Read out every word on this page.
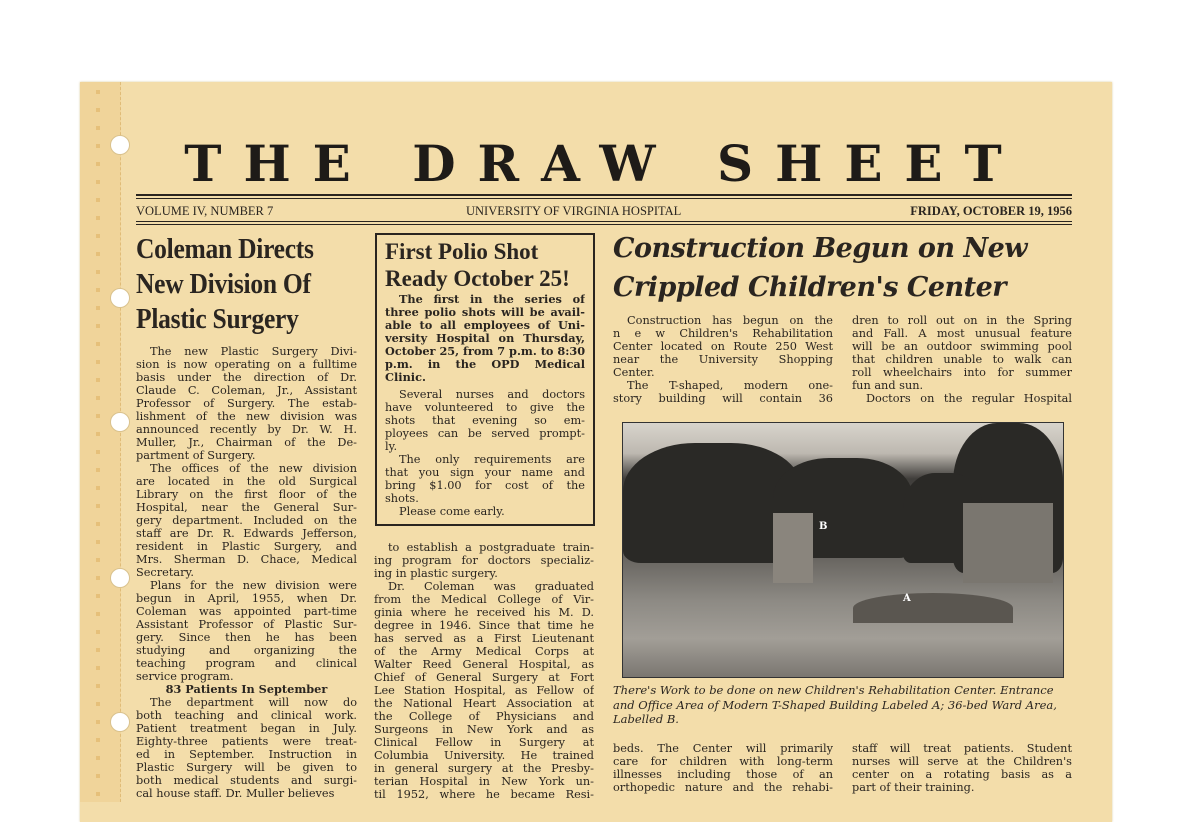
THE DRAW SHEET
VOLUME IV, NUMBER 7	UNIVERSITY OF VIRGINIA HOSPITAL	FRIDAY, OCTOBER 19, 1956
Coleman Directs
New Division Of
Plastic Surgery
The new Plastic Surgery Divi-
sion is now operating on a fulltime
basis under the direction of Dr.
Claude C. Coleman, Jr., Assistant
Professor of Surgery. The estab-
lishment of the new division was
announced recently by Dr. W. H.
Muller, Jr., Chairman of the De-
partment of Surgery.
The offices of the new division
are located in the old Surgical
Library on the first floor of the
Hospital, near the General Sur-
gery department. Included on the
staff are Dr. R. Edwards Jefferson,
resident in Plastic Surgery, and
Mrs. Sherman D. Chace, Medical
Secretary.
Plans for the new division were
begun in April, 1955, when Dr.
Coleman was appointed part-time
Assistant Professor of Plastic Sur-
gery. Since then he has been
studying and organizing the
teaching program and clinical
service program.
83 Patients In September
The department will now do
both teaching and clinical work.
Patient treatment began in July.
Eighty-three patients were treat-
ed in September. Instruction in
Plastic Surgery will be given to
both medical students and surgi-
cal house staff. Dr. Muller believes
to establish a postgraduate train-
ing program for doctors specializ-
ing in plastic surgery.
Dr. Coleman was graduated
from the Medical College of Vir-
ginia where he received his M. D.
degree in 1946. Since that time he
has served as a First Lieutenant
of the Army Medical Corps at
Walter Reed General Hospital, as
Chief of General Surgery at Fort
Lee Station Hospital, as Fellow of
the National Heart Association at
the College of Physicians and
Surgeons in New York and as
Clinical Fellow in Surgery at
Columbia University. He trained
in general surgery at the Presby-
terian Hospital in New York un-
til 1952, where he became Resi-
First Polio Shot
Ready October 25!
The first in the series of
three polio shots will be avail-
able to all employees of Uni-
versity Hospital on Thursday,
October 25, from 7 p.m. to 8:30
p.m. in the OPD Medical
Clinic.
Several nurses and doctors
have volunteered to give the
shots that evening so em-
ployees can be served prompt-
ly.
The only requirements are
that you sign your name and
bring $1.00 for cost of the
shots.
Please come early.
Construction Begun on New
Crippled Children's Center
Construction has begun on the
n e w Children's Rehabilitation
Center located on Route 250 West
near the University Shopping
Center.
The T-shaped, modern one-
story building will contain 36
dren to roll out on in the Spring
and Fall. A most unusual feature
will be an outdoor swimming pool
that children unable to walk can
roll wheelchairs into for summer
fun and sun.
Doctors on the regular Hospital
B
A
There's Work to be done on new Children's Rehabilitation Center. Entrance and Office Area of Modern T-Shaped Building Labeled A; 36-bed Ward Area, Labelled B.
beds. The Center will primarily
care for children with long-term
illnesses including those of an
orthopedic nature and the rehabi-
staff will treat patients. Student
nurses will serve at the Children's
center on a rotating basis as a
part of their training.
